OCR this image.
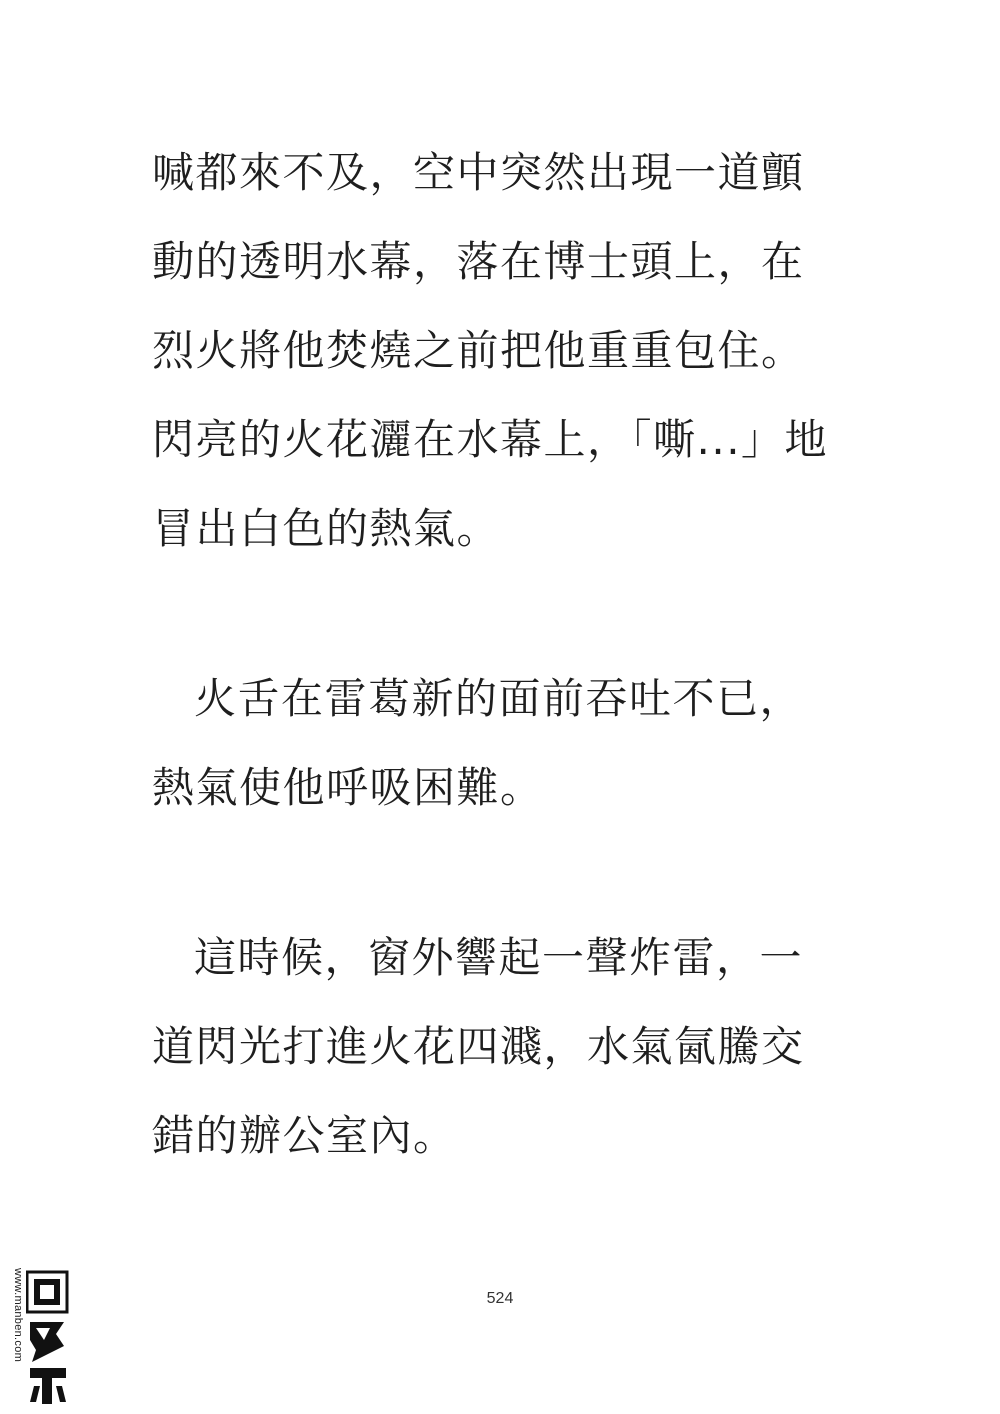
喊都來不及，空中突然出現一道顫
動的透明水幕，落在博士頭上，在
烈火將他焚燒之前把他重重包住。
閃亮的火花灑在水幕上，「嘶...」地
冒出白色的熱氣。
火舌在雷葛新的面前吞吐不已，
熱氣使他呼吸困難。
這時候，窗外響起一聲炸雷，一
道閃光打進火花四濺，水氣氤騰交
錯的辦公室內。
524
www.manben.com
